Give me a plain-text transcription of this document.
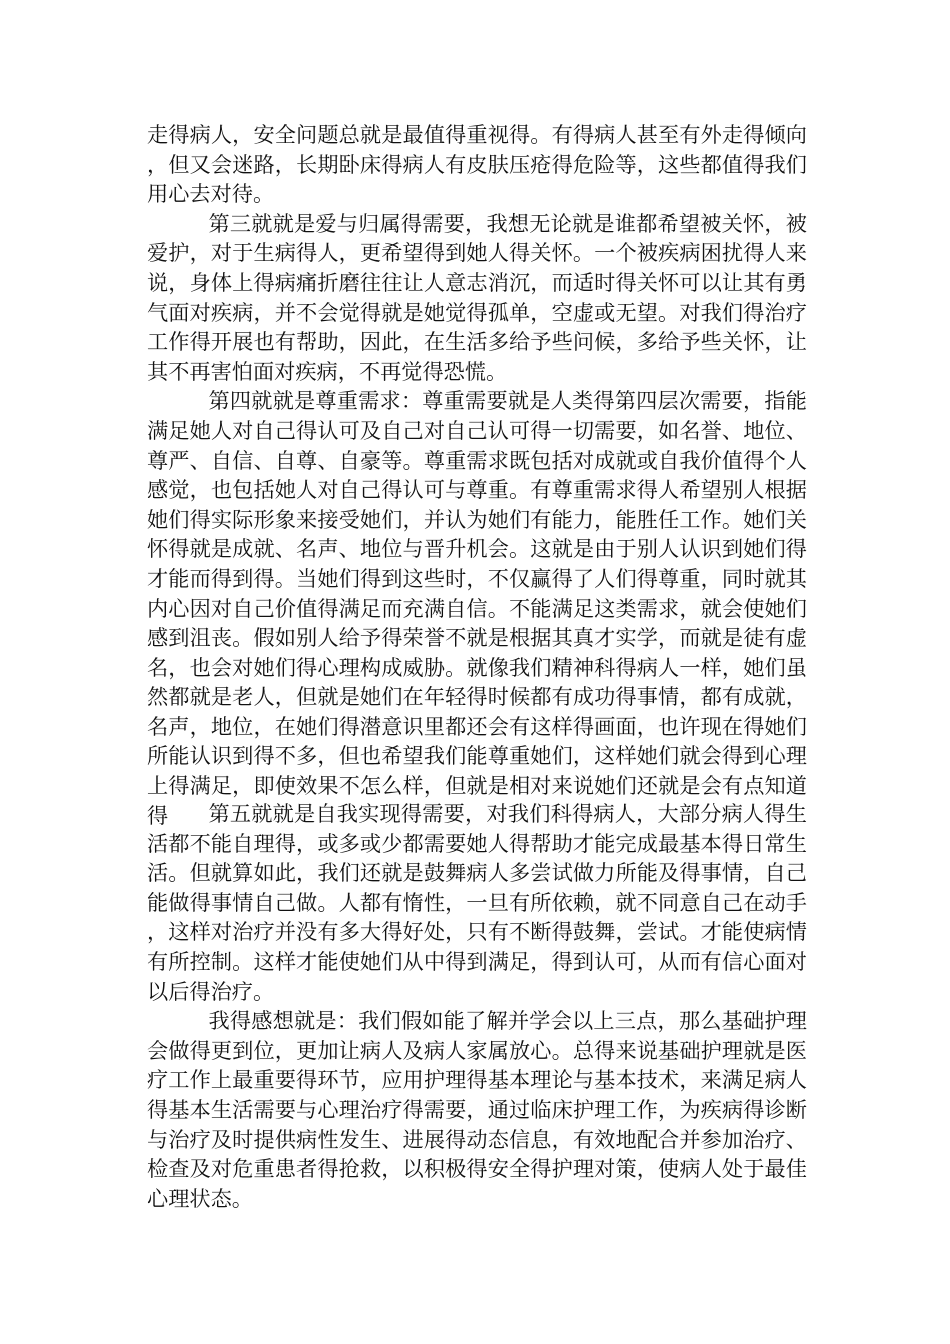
走得病人，安全问题总就是最值得重视得。有得病人甚至有外走得倾向，但又会迷路，长期卧床得病人有皮肤压疮得危险等，这些都值得我们用心去对待。

第三就就是爱与归属得需要，我想无论就是谁都希望被关怀，被爱护，对于生病得人，更希望得到她人得关怀。一个被疾病困扰得人来说，身体上得病痛折磨往往让人意志消沉，而适时得关怀可以让其有勇气面对疾病，并不会觉得就是她觉得孤单，空虚或无望。对我们得治疗工作得开展也有帮助，因此，在生活多给予些问候，多给予些关怀，让其不再害怕面对疾病，不再觉得恐慌。

第四就就是尊重需求：尊重需要就是人类得第四层次需要，指能满足她人对自己得认可及自己对自己认可得一切需要，如名誉、地位、尊严、自信、自尊、自豪等。尊重需求既包括对成就或自我价值得个人感觉，也包括她人对自己得认可与尊重。有尊重需求得人希望别人根据她们得实际形象来接受她们，并认为她们有能力，能胜任工作。她们关怀得就是成就、名声、地位与晋升机会。这就是由于别人认识到她们得才能而得到得。当她们得到这些时，不仅赢得了人们得尊重，同时就其内心因对自己价值得满足而充满自信。不能满足这类需求，就会使她们感到沮丧。假如别人给予得荣誉不就是根据其真才实学，而就是徒有虚名，也会对她们得心理构成威胁。就像我们精神科得病人一样，她们虽然都就是老人，但就是她们在年轻得时候都有成功得事情，都有成就，名声，地位，在她们得潜意识里都还会有这样得画面，也许现在得她们所能认识到得不多，但也希望我们能尊重她们，这样她们就会得到心理上得满足，即使效果不怎么样，但就是相对来说她们还就是会有点知道得	第五就就是自我实现得需要，对我们科得病人，大部分病人得生活都不能自理得，或多或少都需要她人得帮助才能完成最基本得日常生活。但就算如此，我们还就是鼓舞病人多尝试做力所能及得事情，自己能做得事情自己做。人都有惰性，一旦有所依赖，就不同意自己在动手，这样对治疗并没有多大得好处，只有不断得鼓舞，尝试。才能使病情有所控制。这样才能使她们从中得到满足，得到认可，从而有信心面对以后得治疗。

我得感想就是：我们假如能了解并学会以上三点，那么基础护理会做得更到位，更加让病人及病人家属放心。总得来说基础护理就是医疗工作上最重要得环节，应用护理得基本理论与基本技术，来满足病人得基本生活需要与心理治疗得需要，通过临床护理工作，为疾病得诊断与治疗及时提供病性发生、进展得动态信息，有效地配合并参加治疗、检查及对危重患者得抢救，以积极得安全得护理对策，使病人处于最佳心理状态。
